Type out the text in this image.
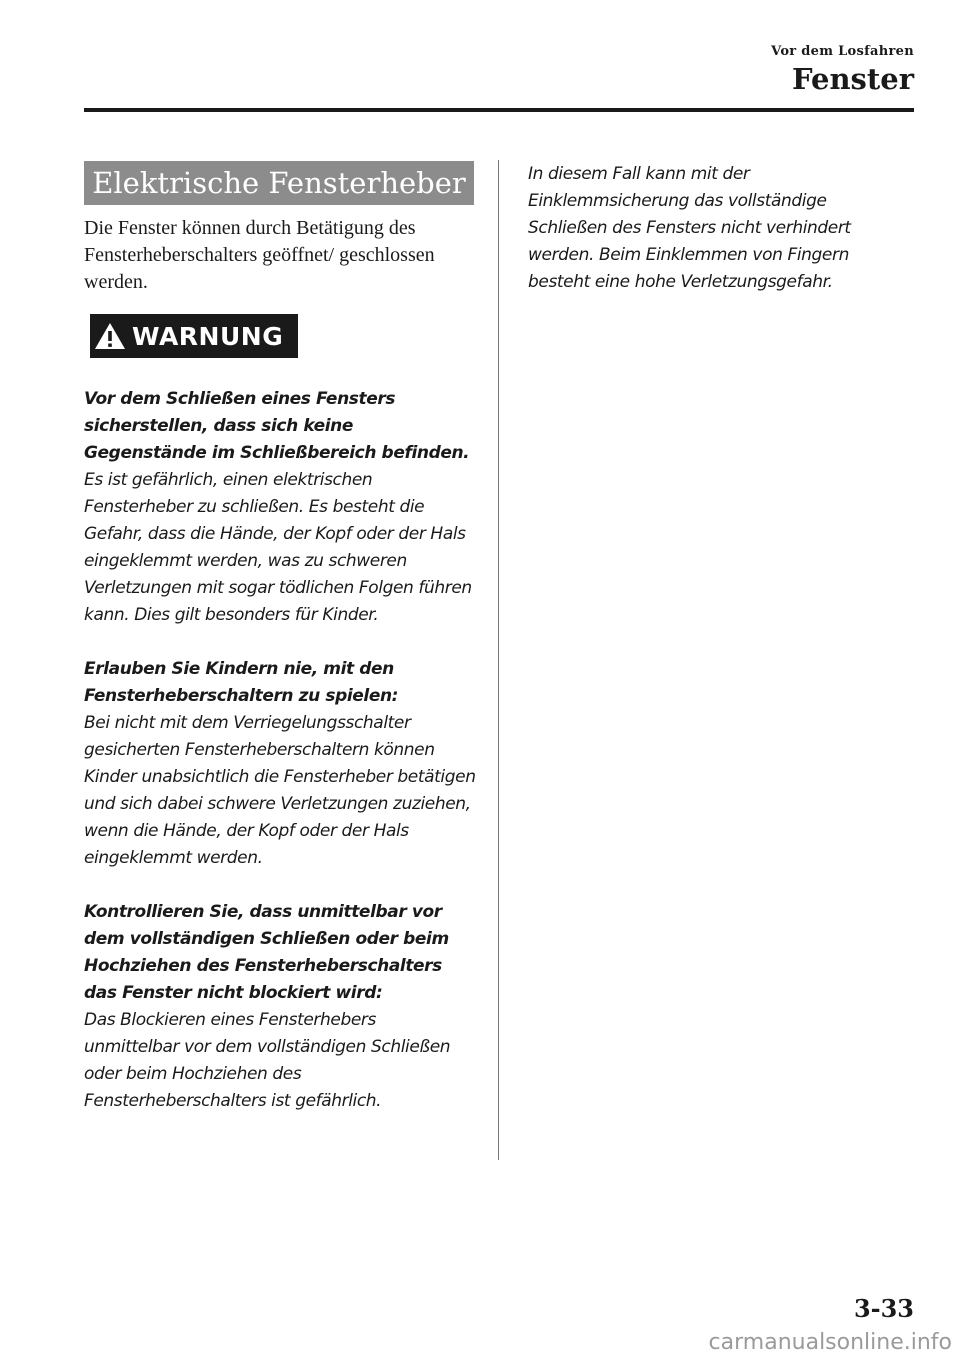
Vor dem Losfahren
Fenster
Elektrische Fensterheber
Die Fenster können durch Betätigung des Fensterheberschalters geöffnet/ geschlossen werden.
WARNUNG
Vor dem Schließen eines Fensters sicherstellen, dass sich keine Gegenstände im Schließbereich befinden.
Es ist gefährlich, einen elektrischen Fensterheber zu schließen. Es besteht die Gefahr, dass die Hände, der Kopf oder der Hals eingeklemmt werden, was zu schweren Verletzungen mit sogar tödlichen Folgen führen kann. Dies gilt besonders für Kinder.
Erlauben Sie Kindern nie, mit den Fensterheberschaltern zu spielen:
Bei nicht mit dem Verriegelungsschalter gesicherten Fensterheberschaltern können Kinder unabsichtlich die Fensterheber betätigen und sich dabei schwere Verletzungen zuziehen, wenn die Hände, der Kopf oder der Hals eingeklemmt werden.
Kontrollieren Sie, dass unmittelbar vor dem vollständigen Schließen oder beim Hochziehen des Fensterheberschalters das Fenster nicht blockiert wird:
Das Blockieren eines Fensterhebers unmittelbar vor dem vollständigen Schließen oder beim Hochziehen des Fensterheberschalters ist gefährlich.
In diesem Fall kann mit der Einklemmsicherung das vollständige Schließen des Fensters nicht verhindert werden. Beim Einklemmen von Fingern besteht eine hohe Verletzungsgefahr.
3-33
carmanualsonline.info
